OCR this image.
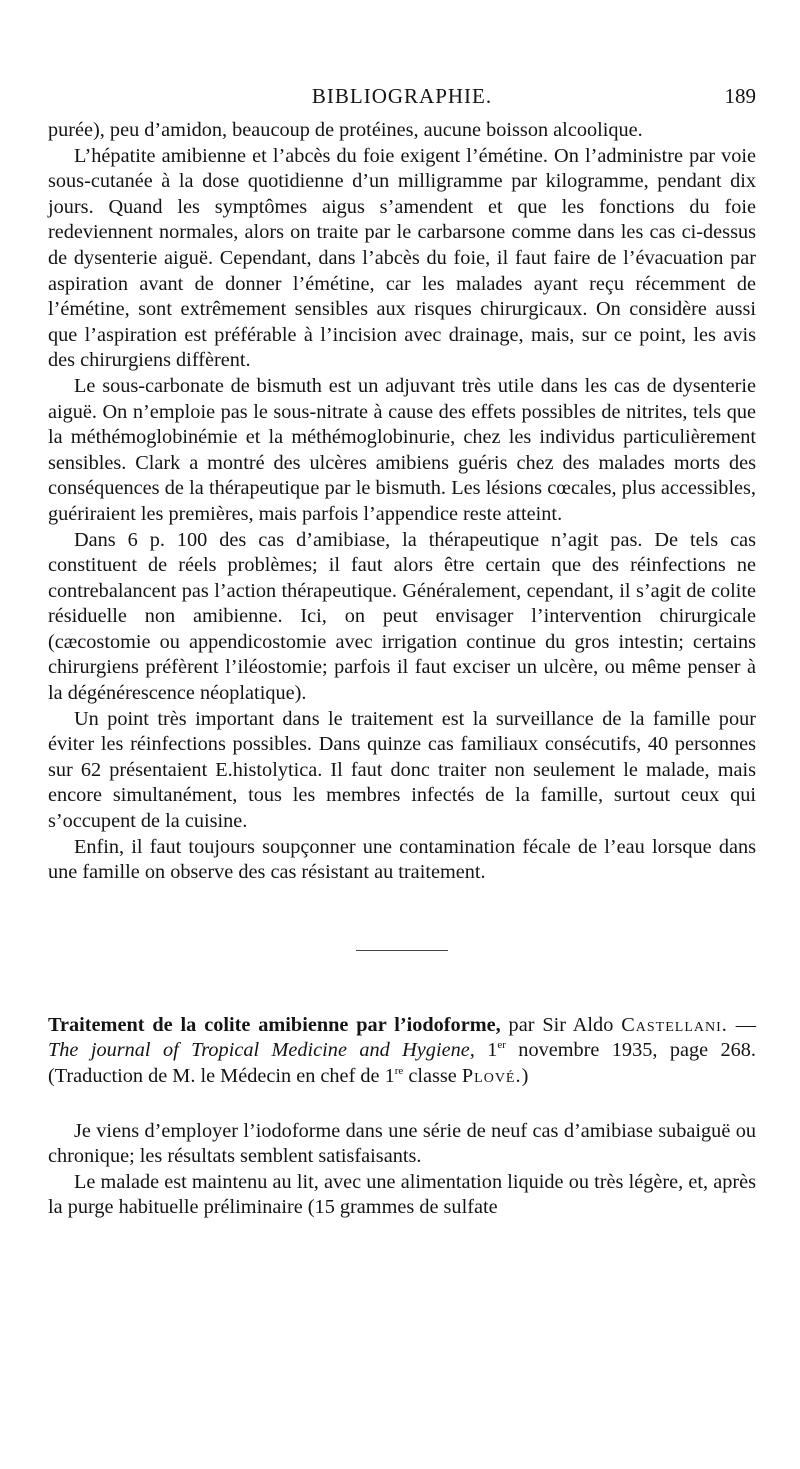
BIBLIOGRAPHIE.	189

purée), peu d’amidon, beaucoup de protéines, aucune boisson alcoolique.

L’hépatite amibienne et l’abcès du foie exigent l’émétine. On l’administre par voie sous-cutanée à la dose quotidienne d’un milligramme par kilogramme, pendant dix jours. Quand les symptômes aigus s’amendent et que les fonctions du foie redeviennent normales, alors on traite par le carbarsone comme dans les cas ci-dessus de dysenterie aiguë. Cependant, dans l’abcès du foie, il faut faire de l’évacuation par aspiration avant de donner l’émétine, car les malades ayant reçu récemment de l’émétine, sont extrêmement sensibles aux risques chirurgicaux. On considère aussi que l’aspiration est préférable à l’incision avec drainage, mais, sur ce point, les avis des chirurgiens diffèrent.

Le sous-carbonate de bismuth est un adjuvant très utile dans les cas de dysenterie aiguë. On n’emploie pas le sous-nitrate à cause des effets possibles de nitrites, tels que la méthémoglobinémie et la méthémoglobinurie, chez les individus particulièrement sensibles. Clark a montré des ulcères amibiens guéris chez des malades morts des conséquences de la thérapeutique par le bismuth. Les lésions cœcales, plus accessibles, guériraient les premières, mais parfois l’appendice reste atteint.

Dans 6 p. 100 des cas d’amibiase, la thérapeutique n’agit pas. De tels cas constituent de réels problèmes; il faut alors être certain que des réinfections ne contrebalancent pas l’action thérapeutique. Généralement, cependant, il s’agit de colite résiduelle non amibienne. Ici, on peut envisager l’intervention chirurgicale (cæcostomie ou appendicostomie avec irrigation continue du gros intestin; certains chirurgiens préfèrent l’iléostomie; parfois il faut exciser un ulcère, ou même penser à la dégénérescence néoplatique).

Un point très important dans le traitement est la surveillance de la famille pour éviter les réinfections possibles. Dans quinze cas familiaux consécutifs, 40 personnes sur 62 présentaient E.histolytica. Il faut donc traiter non seulement le malade, mais encore simultanément, tous les membres infectés de la famille, surtout ceux qui s’occupent de la cuisine.

Enfin, il faut toujours soupçonner une contamination fécale de l’eau lorsque dans une famille on observe des cas résistant au traitement.

Traitement de la colite amibienne par l’iodoforme, par Sir Aldo Castellani. — The journal of Tropical Medicine and Hygiene, 1er novembre 1935, page 268. (Traduction de M. le Médecin en chef de 1re classe Plové.)

Je viens d’employer l’iodoforme dans une série de neuf cas d’amibiase subaiguë ou chronique; les résultats semblent satisfaisants.

Le malade est maintenu au lit, avec une alimentation liquide ou très légère, et, après la purge habituelle préliminaire (15 grammes de sulfate
